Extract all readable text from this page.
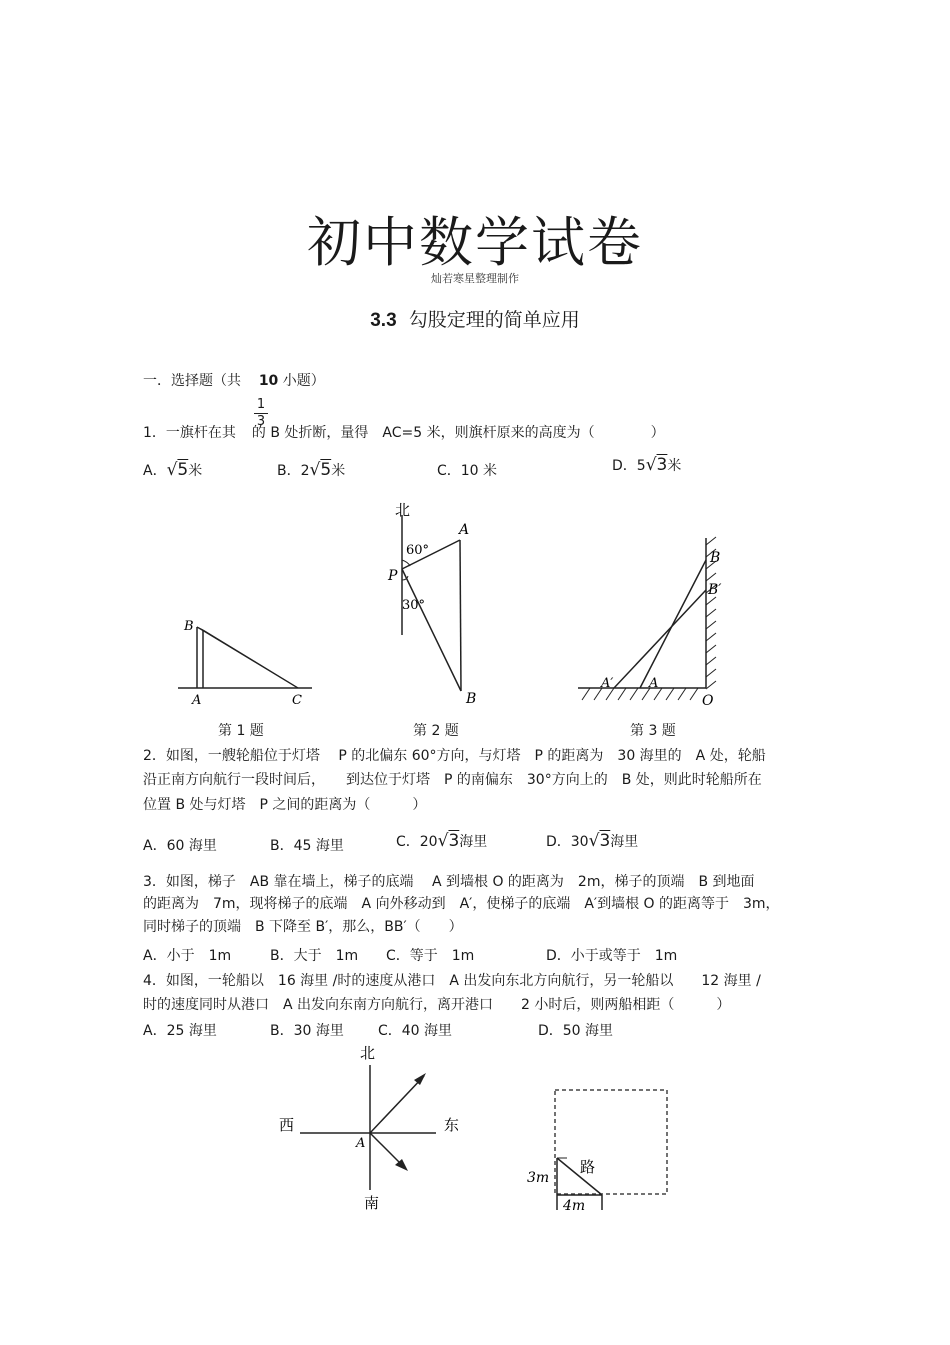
初中数学试卷
灿若寒星整理制作
3.3 勾股定理的简单应用
一．选择题（共 10 小题）
1．一旗杆在其 的 B 处折断，量得　AC=5 米，则旗杆原来的高度为（　　　　）
1
3
A．√5米	B．2√5米	C．10 米	D．5√3米
B
A	C
北
60°
30°
P
A
B
B
B′
A′	A
O
第 1 题	第 2 题	第 3 题
2．如图，一艘轮船位于灯塔　 P 的北偏东 60°方向，与灯塔　P 的距离为　30 海里的　A 处，轮船
沿正南方向航行一段时间后，　　到达位于灯塔　P 的南偏东　30°方向上的　B 处，则此时轮船所在
位置 B 处与灯塔　P 之间的距离为（　　　）
A．60 海里	B．45 海里	C．20√3海里	D．30√3海里
3．如图，梯子　AB 靠在墙上，梯子的底端　 A 到墙根 O 的距离为　2m，梯子的顶端　B 到地面
的距离为　7m，现将梯子的底端　A 向外移动到　A′，使梯子的底端　A′到墙根 O 的距离等于　3m，
同时梯子的顶端　B 下降至 B′，那么，BB′（　　）
A．小于　1m	B．大于　1m C．等于　1m	D．小于或等于　1m
4．如图，一轮船以　16 海里 /时的速度从港口　A 出发向东北方向航行，另一轮船以　　12 海里 /
时的速度同时从港口　A 出发向东南方向航行，离开港口　　2 小时后，则两船相距（　　　）
A．25 海里	B．30 海里 C．40 海里	D．50 海里
北
西	东
南
A
3m
路
4m
